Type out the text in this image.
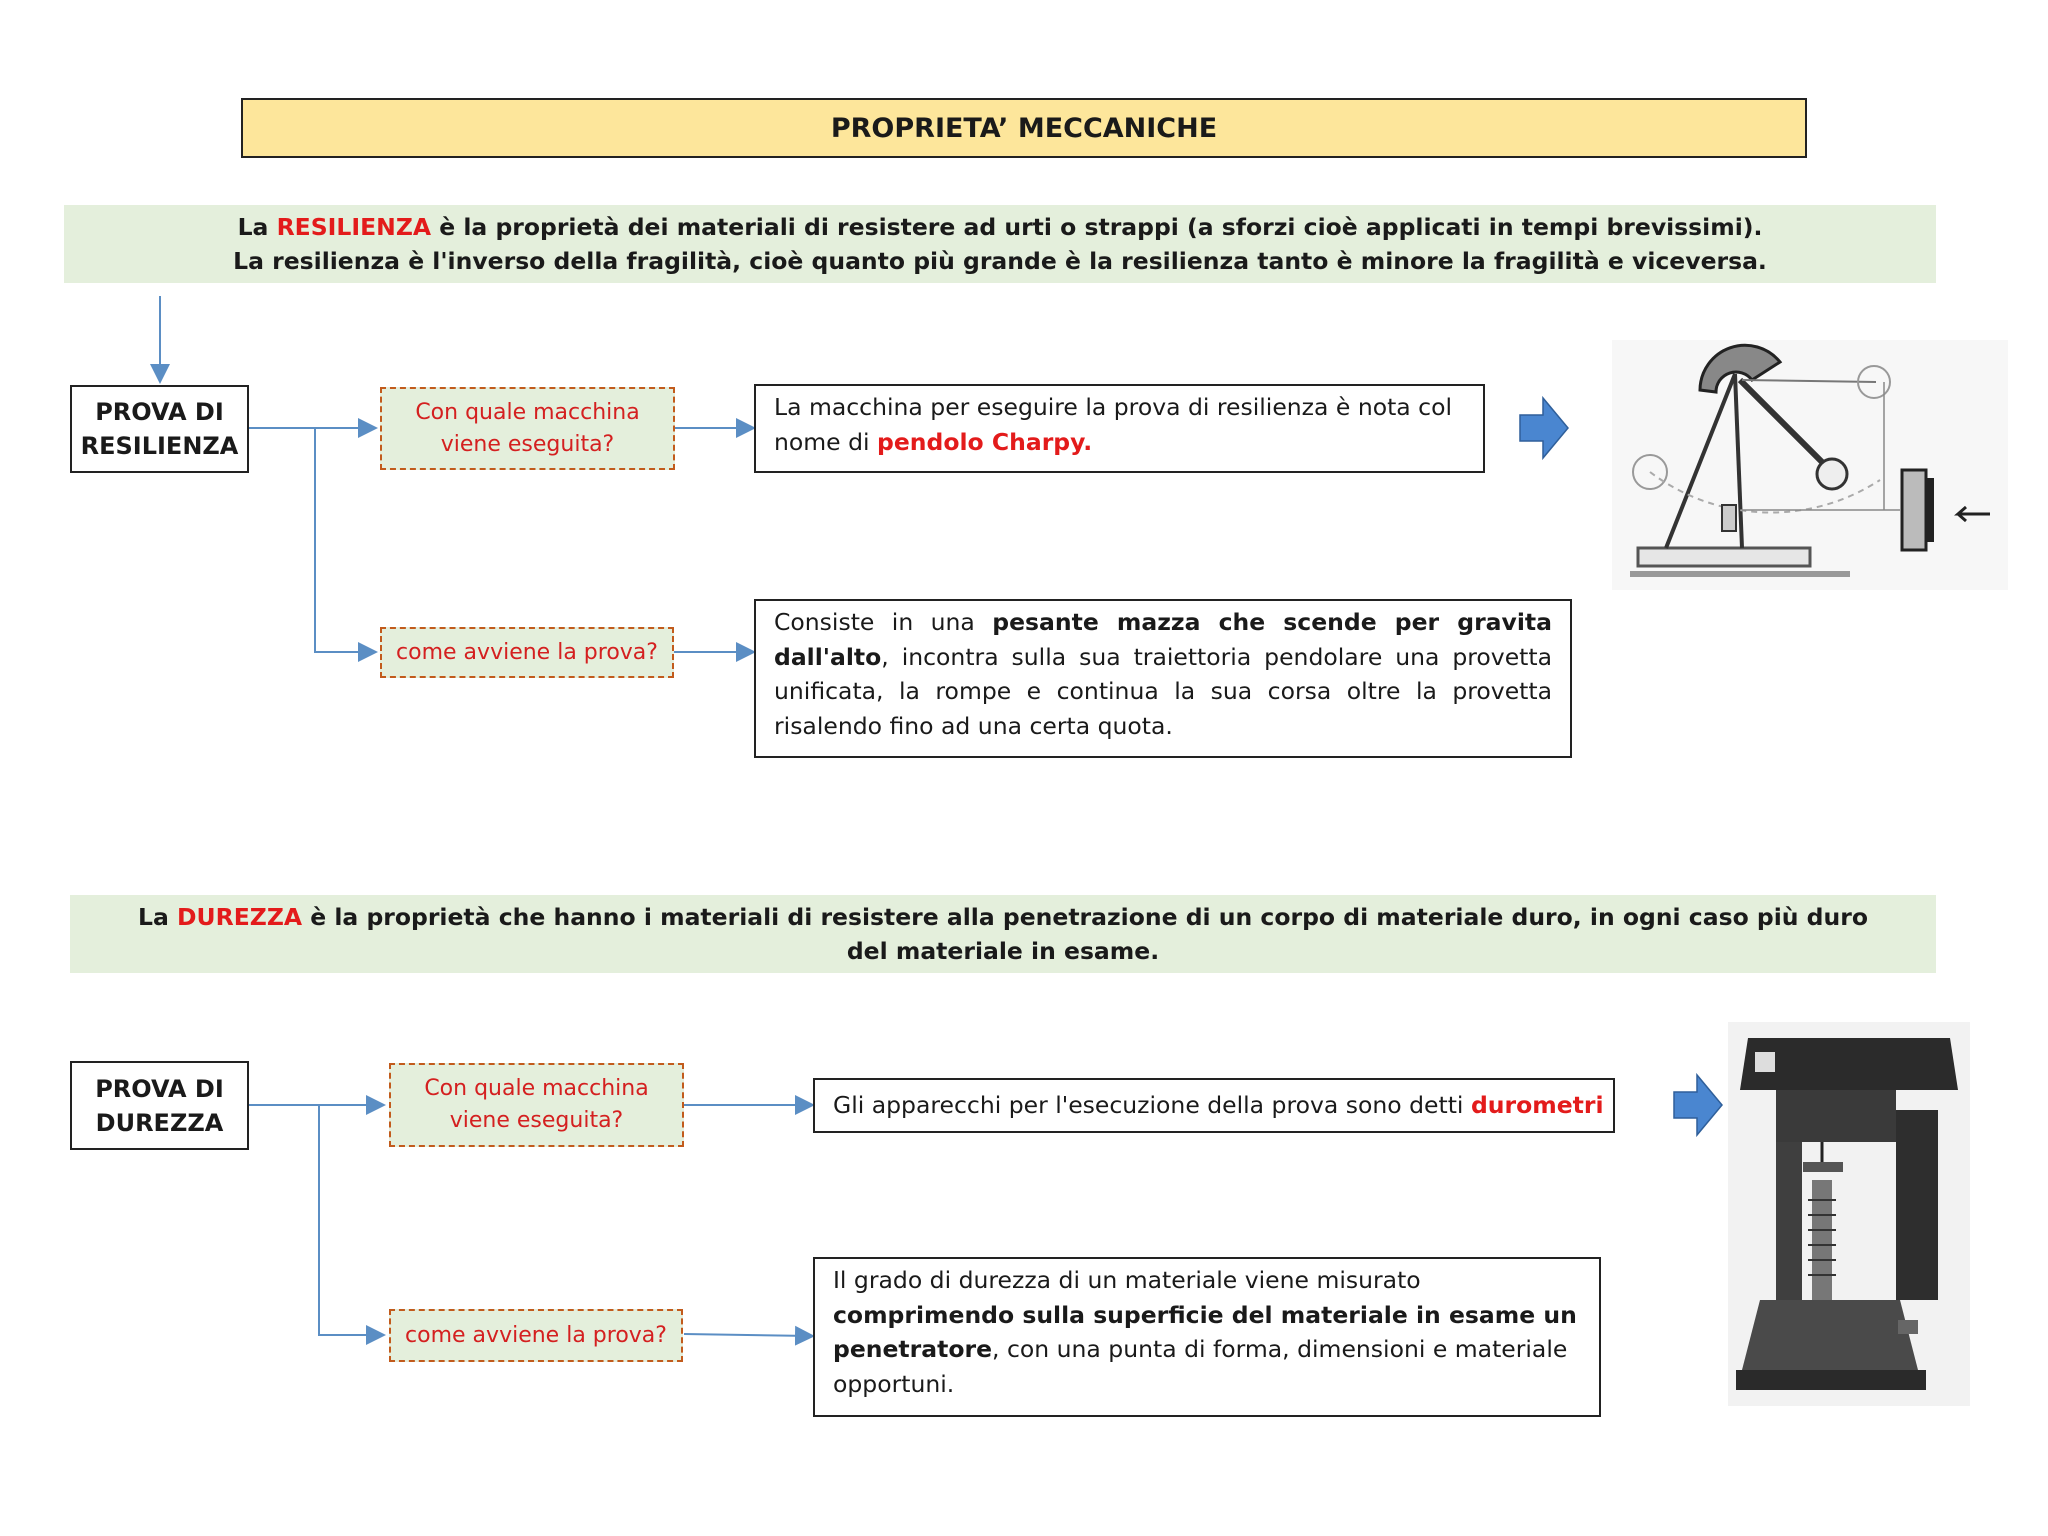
PROPRIETA’ MECCANICHE
La RESILIENZA è la proprietà dei materiali di resistere ad urti o strappi (a sforzi cioè applicati in tempi brevissimi).
La resilienza è l'inverso della fragilità, cioè quanto più grande è la resilienza tanto è minore la fragilità e viceversa.
PROVA DI RESILIENZA
Con quale macchina viene eseguita?
come avviene la prova?
La macchina per eseguire la prova di resilienza è nota col nome di pendolo Charpy.
Consiste in una pesante mazza che scende per gravita dall'alto, incontra sulla sua traiettoria pendolare una provetta unificata, la rompe e continua la sua corsa oltre la provetta risalendo fino ad una certa quota.
La DUREZZA è la proprietà che hanno i materiali di resistere alla penetrazione di un corpo di materiale duro, in ogni caso più duro del materiale in esame.
PROVA DI DUREZZA
Con quale macchina viene eseguita?
come avviene la prova?
Gli apparecchi per l'esecuzione della prova sono detti
durometri
Il grado di durezza di un materiale viene misurato comprimendo sulla superficie del materiale in esame un penetratore, con una punta di forma, dimensioni e materiale opportuni.
